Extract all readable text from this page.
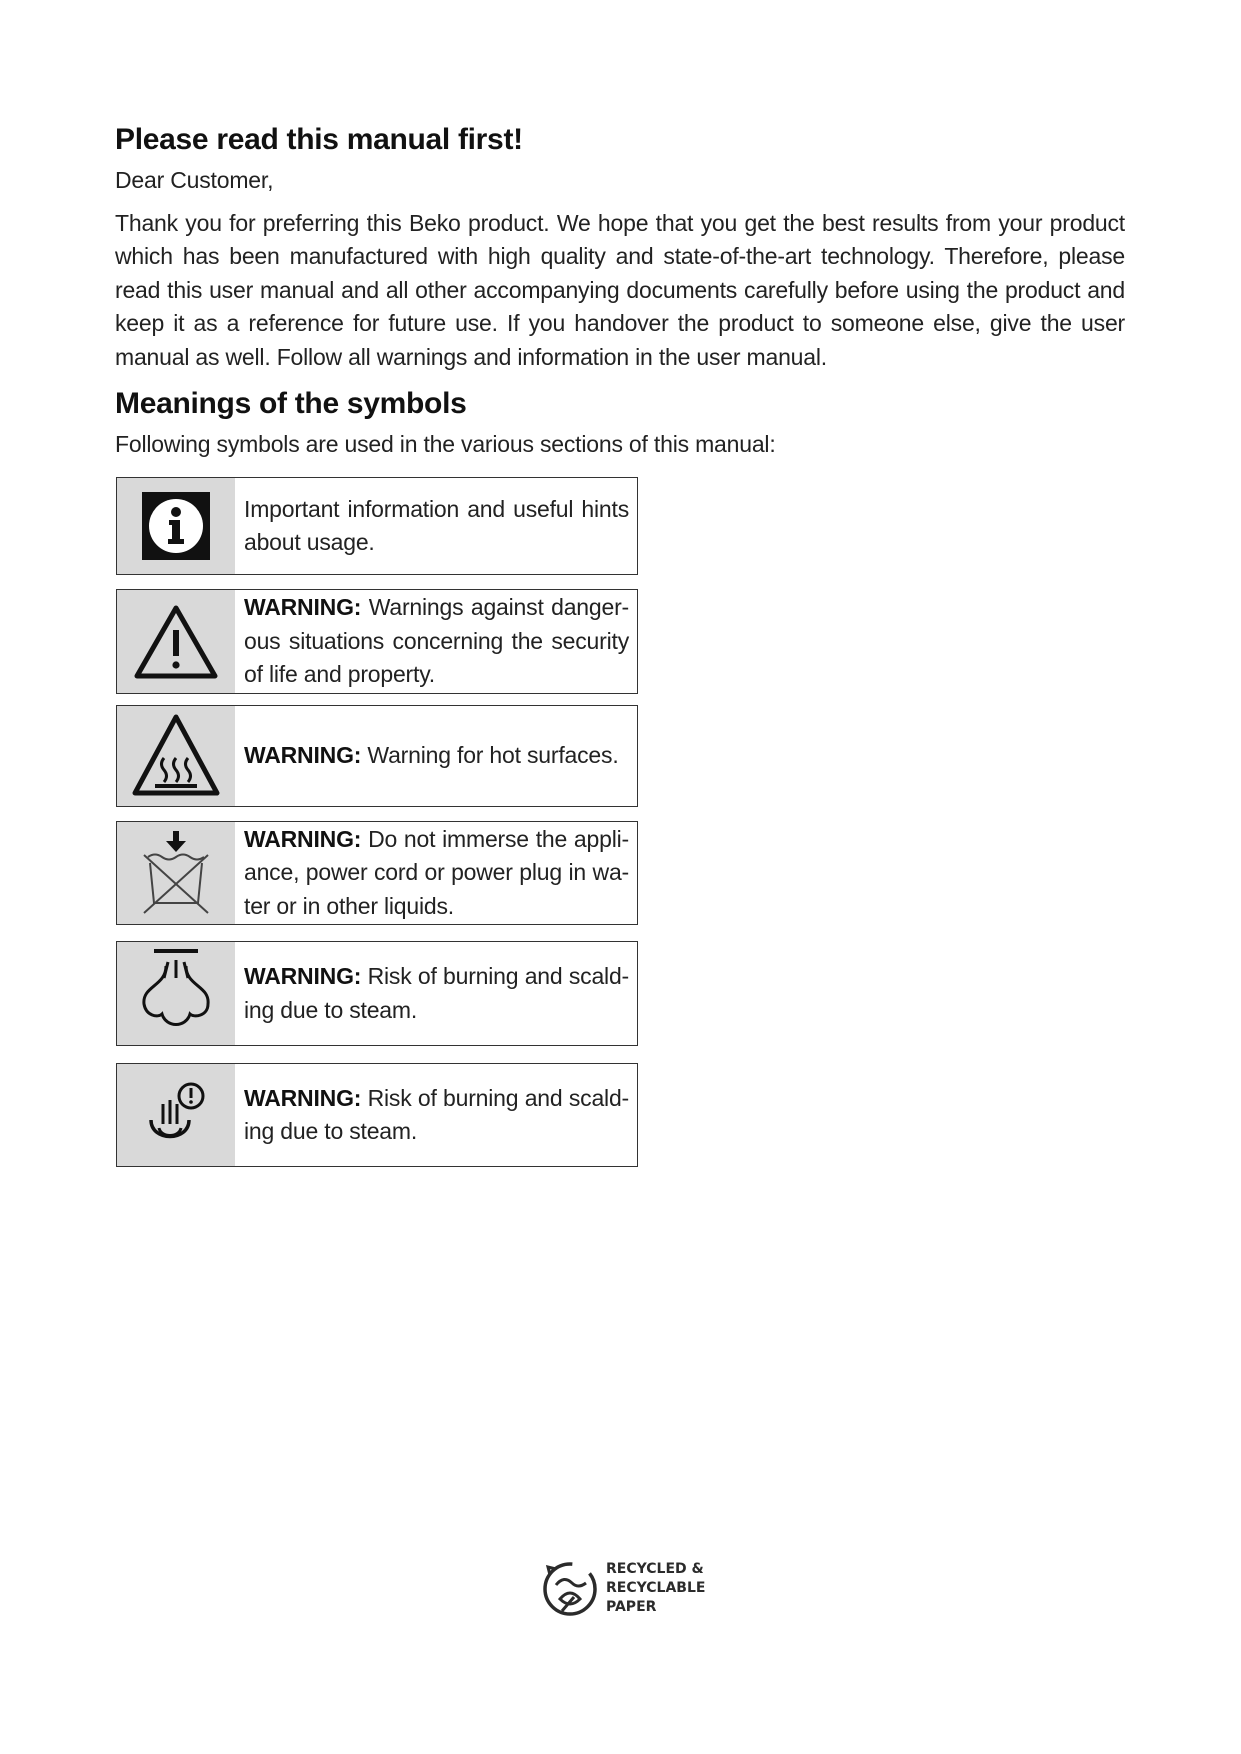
Please read this manual first!

Dear Customer,

Thank you for preferring this Beko product. We hope that you get the best results from your product which has been manufactured with high quality and state-of-the-art technology. Therefore, please read this user manual and all other accompanying documents carefully before using the product and keep it as a reference for future use. If you handover the product to someone else, give the user manual as well. Follow all warnings and information in the user manual.

Meanings of the symbols

Following symbols are used in the various sections of this manual:

Important information and useful hints about usage.
WARNING: Warnings against danger-ous situations concerning the security of life and property.
WARNING: Warning for hot surfaces.
WARNING: Do not immerse the appli-ance, power cord or power plug in wa-ter or in other liquids.
WARNING: Risk of burning and scald-ing due to steam.
WARNING: Risk of burning and scald-ing due to steam.
RECYCLED &
RECYCLABLE
PAPER
